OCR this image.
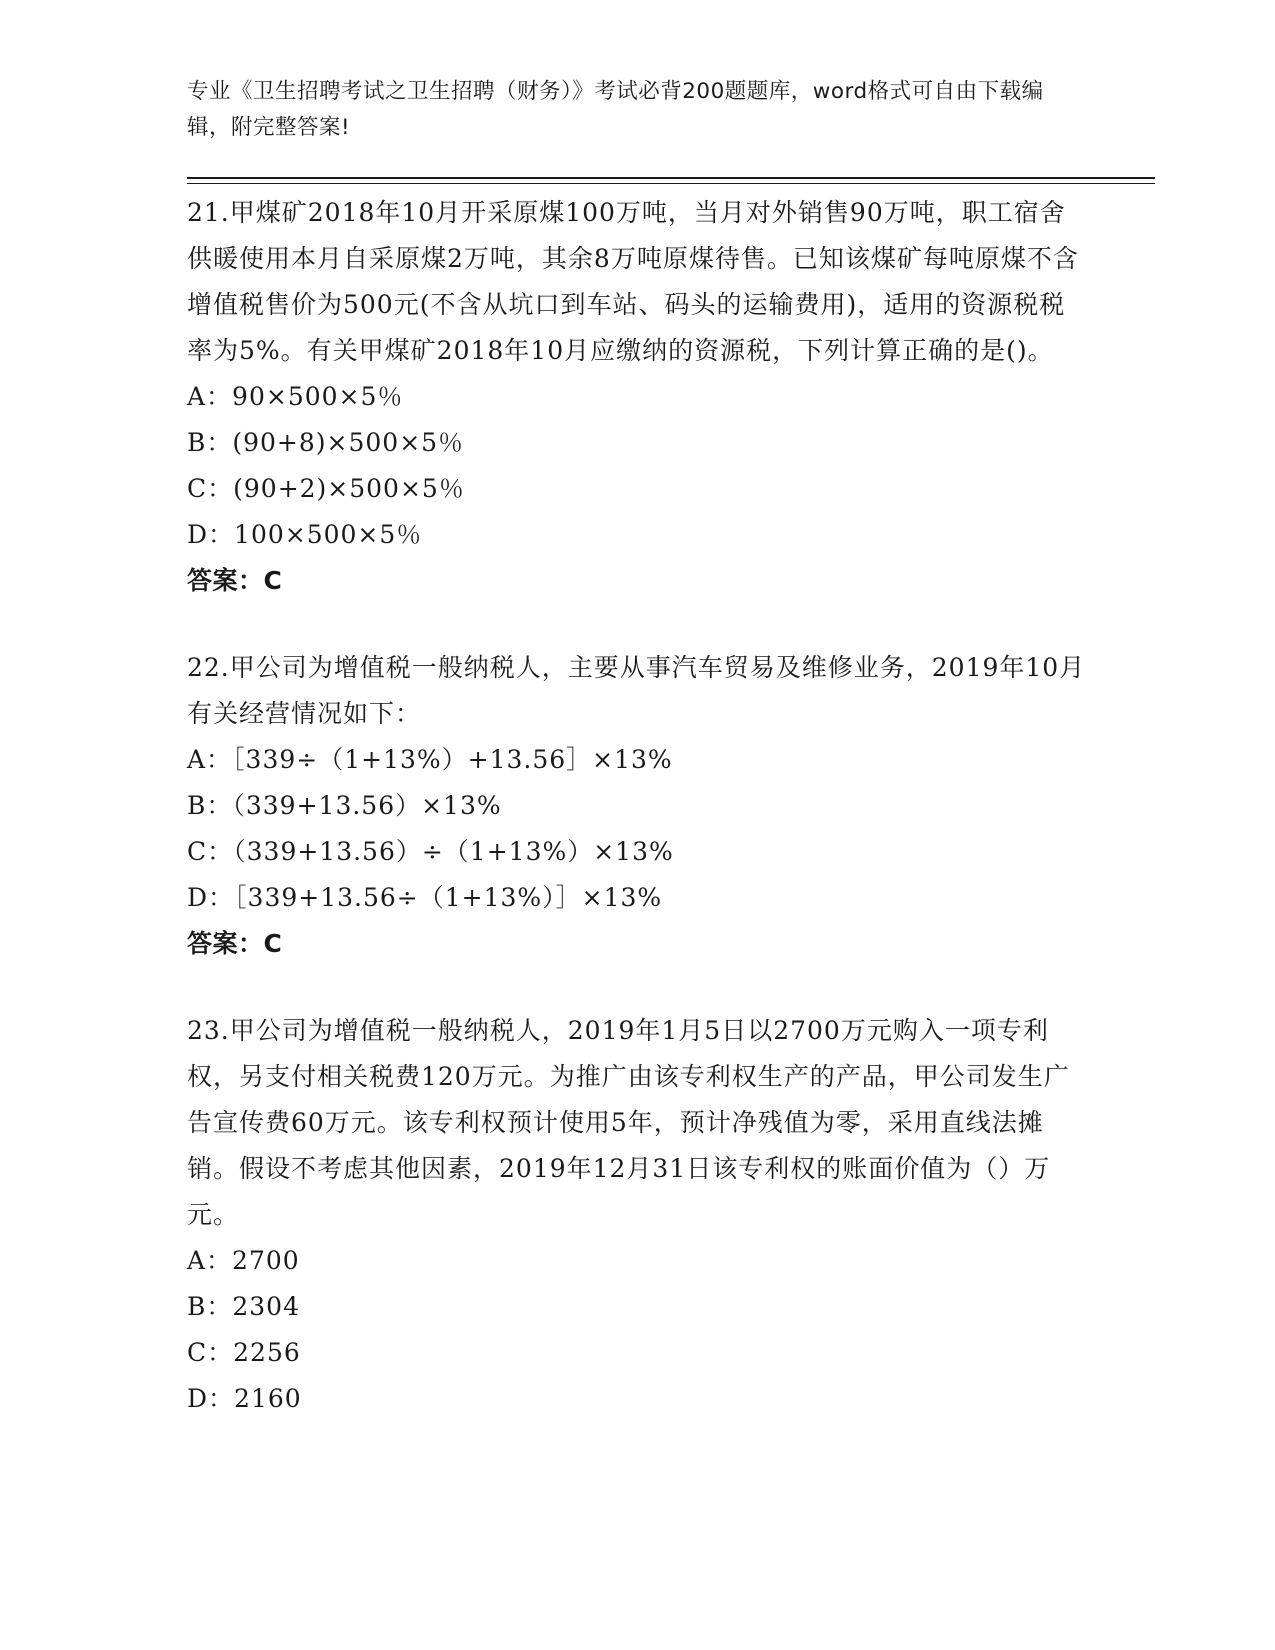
专业《卫生招聘考试之卫生招聘（财务）》考试必背200题题库，word格式可自由下载编辑，附完整答案!

21.甲煤矿2018年10月开采原煤100万吨，当月对外销售90万吨，职工宿舍供暖使用本月自采原煤2万吨，其余8万吨原煤待售。已知该煤矿每吨原煤不含增值税售价为500元(不含从坑口到车站、码头的运输费用)，适用的资源税税率为5%。有关甲煤矿2018年10月应缴纳的资源税，下列计算正确的是()。

A：90×500×5％

B：(90+8)×500×5％

C：(90+2)×500×5％

D：100×500×5％

答案：C

22.甲公司为增值税一般纳税人，主要从事汽车贸易及维修业务，2019年10月有关经营情况如下：

A：［339÷（1+13%）+13.56］×13%

B：（339+13.56）×13%

C：（339+13.56）÷（1+13%）×13%

D：［339+13.56÷（1+13%）］×13%

答案：C

23.甲公司为增值税一般纳税人，2019年1月5日以2700万元购入一项专利权，另支付相关税费120万元。为推广由该专利权生产的产品，甲公司发生广告宣传费60万元。该专利权预计使用5年，预计净残值为零，采用直线法摊销。假设不考虑其他因素，2019年12月31日该专利权的账面价值为（）万元。

A：2700

B：2304

C：2256

D：2160
